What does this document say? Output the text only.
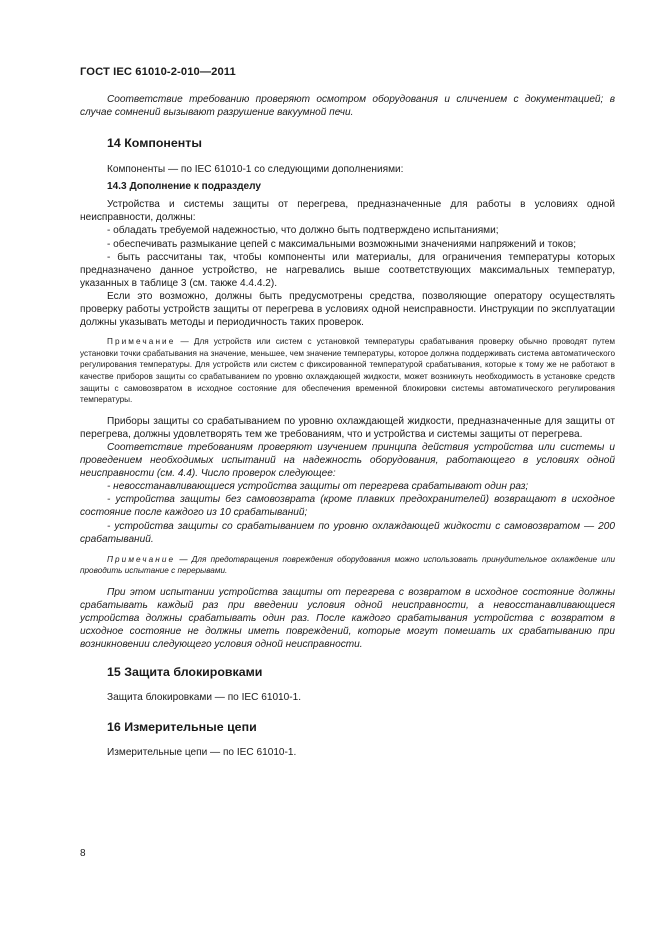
ГОСТ IEC 61010-2-010—2011

Соответствие требованию проверяют осмотром оборудования и сличением с документацией; в случае сомнений вызывают разрушение вакуумной печи.

14 Компоненты

Компоненты — по IEC 61010-1 со следующими дополнениями:

14.3 Дополнение к подразделу

Устройства и системы защиты от перегрева, предназначенные для работы в условиях одной неисправности, должны:

- обладать требуемой надежностью, что должно быть подтверждено испытаниями;

- обеспечивать размыкание цепей с максимальными возможными значениями напряжений и токов;

- быть рассчитаны так, чтобы компоненты или материалы, для ограничения температуры которых предназначено данное устройство, не нагревались выше соответствующих максимальных температур, указанных в таблице 3 (см. также 4.4.4.2).

Если это возможно, должны быть предусмотрены средства, позволяющие оператору осуществлять проверку работы устройств защиты от перегрева в условиях одной неисправности. Инструкции по эксплуатации должны указывать методы и периодичность таких проверок.

Примечание — Для устройств или систем с установкой температуры срабатывания проверку обычно проводят путем установки точки срабатывания на значение, меньшее, чем значение температуры, которое должна поддерживать система автоматического регулирования температуры. Для устройств или систем с фиксированной температурой срабатывания, которые к тому же не работают в качестве приборов защиты со срабатыванием по уровню охлаждающей жидкости, может возникнуть необходимость в установке средств защиты с самовозвратом в исходное состояние для обеспечения временной блокировки системы автоматического регулирования температуры.

Приборы защиты со срабатыванием по уровню охлаждающей жидкости, предназначенные для защиты от перегрева, должны удовлетворять тем же требованиям, что и устройства и системы защиты от перегрева.

Соответствие требованиям проверяют изучением принципа действия устройства или системы и проведением необходимых испытаний на надежность оборудования, работающего в условиях одной неисправности (см. 4.4). Число проверок следующее:

- невосстанавливающиеся устройства защиты от перегрева срабатывают один раз;

- устройства защиты без самовозврата (кроме плавких предохранителей) возвращают в исходное состояние после каждого из 10 срабатываний;

- устройства защиты со срабатыванием по уровню охлаждающей жидкости с самовозвратом — 200 срабатываний.

Примечание — Для предотвращения повреждения оборудования можно использовать принудительное охлаждение или проводить испытание с перерывами.

При этом испытании устройства защиты от перегрева с возвратом в исходное состояние должны срабатывать каждый раз при введении условия одной неисправности, а невосстанавливающиеся устройства должны срабатывать один раз. После каждого срабатывания устройства с возвратом в исходное состояние не должны иметь повреждений, которые могут помешать их срабатыванию при возникновении следующего условия одной неисправности.

15 Защита блокировками

Защита блокировками — по IEC 61010-1.

16 Измерительные цепи

Измерительные цепи — по IEC 61010-1.

8
